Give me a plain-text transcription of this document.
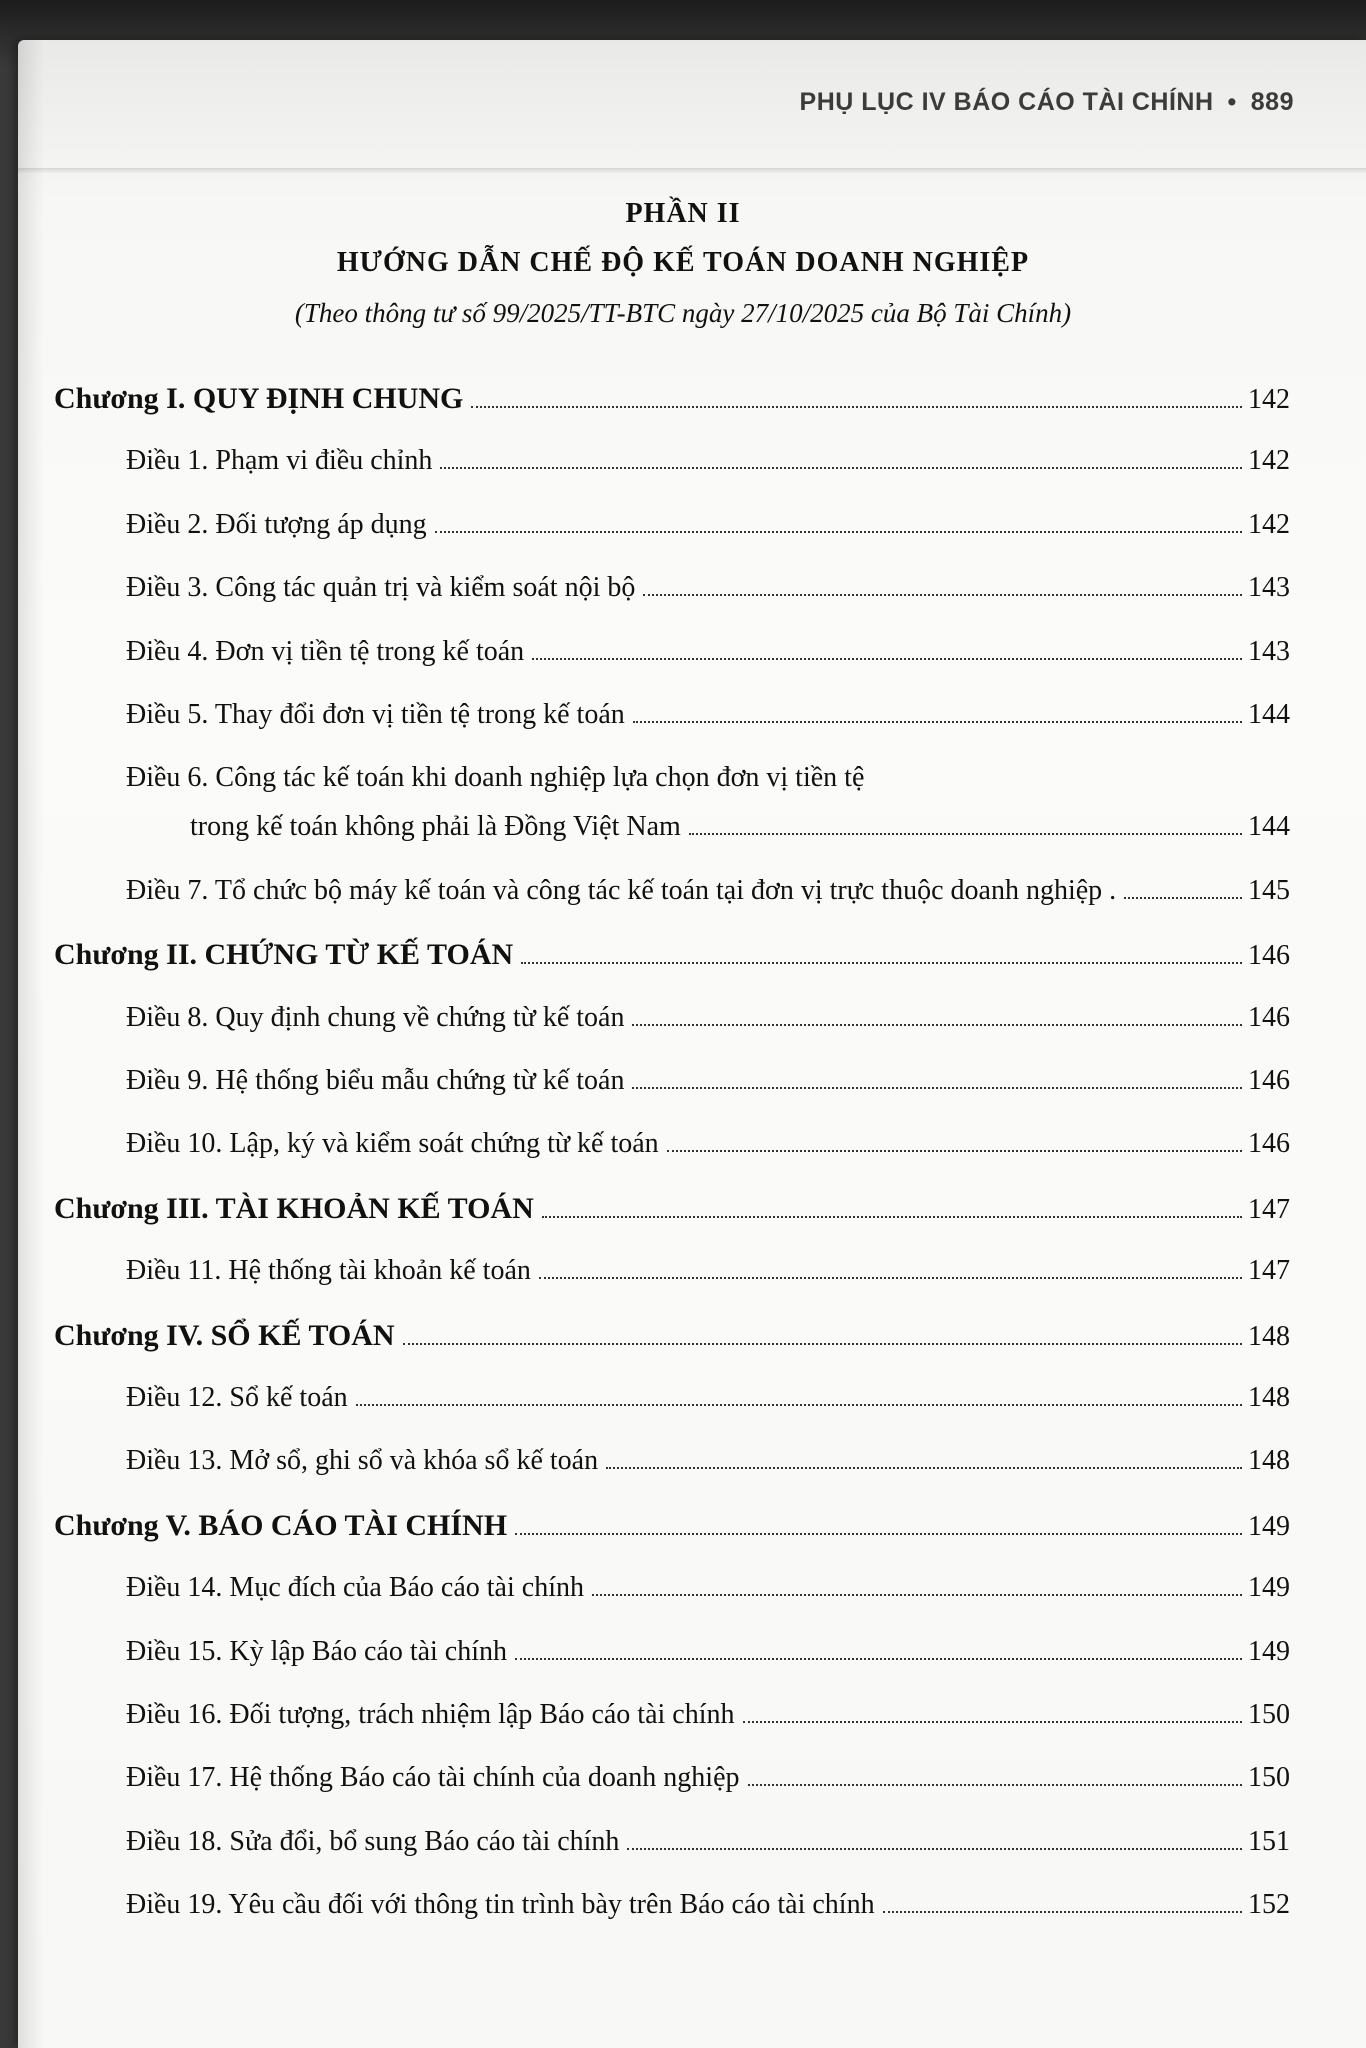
PHỤ LỤC IV BÁO CÁO TÀI CHÍNH • 889
PHẦN II
HƯỚNG DẪN CHẾ ĐỘ KẾ TOÁN DOANH NGHIỆP
(Theo thông tư số 99/2025/TT-BTC ngày 27/10/2025 của Bộ Tài Chính)
Chương I. QUY ĐỊNH CHUNG	142
Điều 1. Phạm vi điều chỉnh	142
Điều 2. Đối tượng áp dụng	142
Điều 3. Công tác quản trị và kiểm soát nội bộ	143
Điều 4. Đơn vị tiền tệ trong kế toán	143
Điều 5. Thay đổi đơn vị tiền tệ trong kế toán	144
Điều 6. Công tác kế toán khi doanh nghiệp lựa chọn đơn vị tiền tệ
trong kế toán không phải là Đồng Việt Nam	144
Điều 7. Tổ chức bộ máy kế toán và công tác kế toán tại đơn vị trực thuộc doanh nghiệp .	145
Chương II. CHỨNG TỪ KẾ TOÁN	146
Điều 8. Quy định chung về chứng từ kế toán	146
Điều 9. Hệ thống biểu mẫu chứng từ kế toán	146
Điều 10. Lập, ký và kiểm soát chứng từ kế toán	146
Chương III. TÀI KHOẢN KẾ TOÁN	147
Điều 11. Hệ thống tài khoản kế toán	147
Chương IV. SỔ KẾ TOÁN	148
Điều 12. Sổ kế toán	148
Điều 13. Mở sổ, ghi sổ và khóa sổ kế toán	148
Chương V. BÁO CÁO TÀI CHÍNH	149
Điều 14. Mục đích của Báo cáo tài chính	149
Điều 15. Kỳ lập Báo cáo tài chính	149
Điều 16. Đối tượng, trách nhiệm lập Báo cáo tài chính	150
Điều 17. Hệ thống Báo cáo tài chính của doanh nghiệp	150
Điều 18. Sửa đổi, bổ sung Báo cáo tài chính	151
Điều 19. Yêu cầu đối với thông tin trình bày trên Báo cáo tài chính	152
